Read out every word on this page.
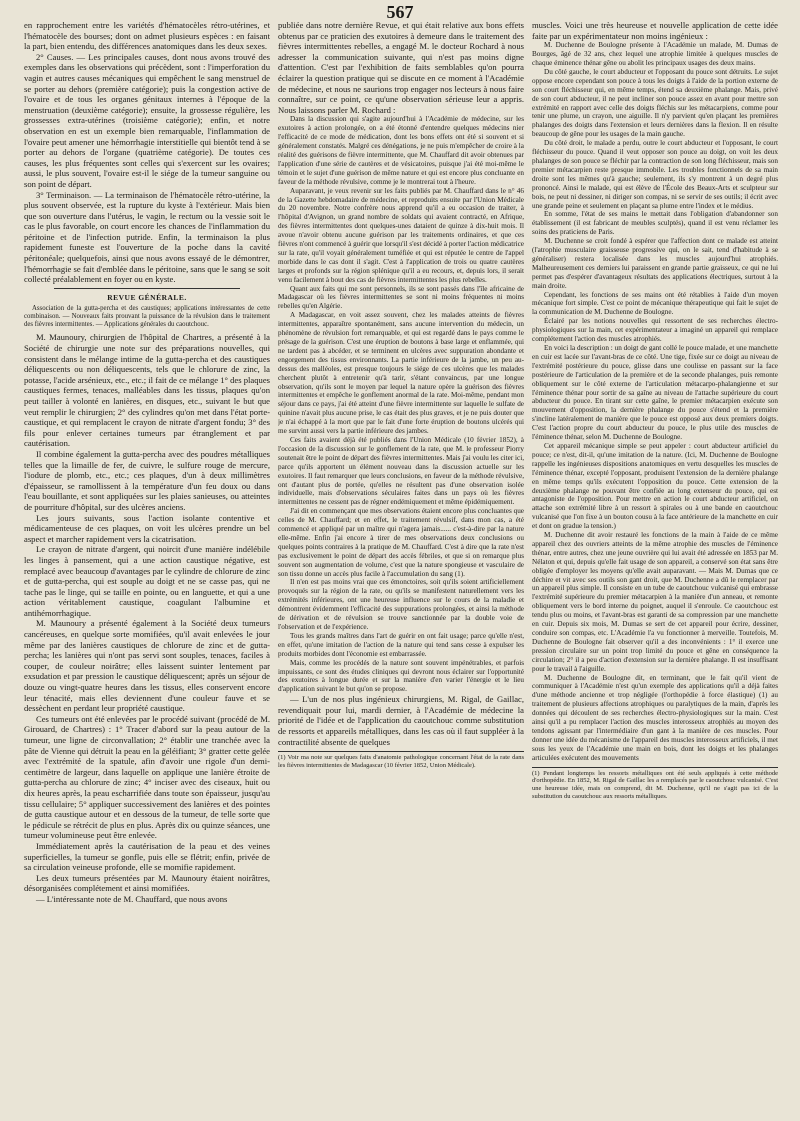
567

en rapprochement entre les variétés d'hématocèles rétro-utérines, et l'hématocèle des bourses; dont on admet plusieurs espèces : en faisant la part, bien entendu, des différences anatomiques dans les deux sexes.

2° Causes. — Les principales causes, dont nous avons trouvé des exemples dans les observations qui précèdent, sont : l'imperforation du vagin et autres causes mécaniques qui empêchent le sang menstruel de se porter au dehors (première catégorie); puis la congestion active de l'ovaire et de tous les organes génitaux internes à l'époque de la menstruation (deuxième catégorie); ensuite, la grossesse régulière, les grossesses extra-utérines (troisième catégorie); enfin, et notre observation en est un exemple bien remarquable, l'inflammation de l'ovaire peut amener une hémorrhagie interstitielle qui bientôt tend à se porter au dehors de l'organe (quatrième catégorie). De toutes ces causes, les plus fréquentes sont celles qui s'exercent sur les ovaires; aussi, le plus souvent, l'ovaire est-il le siége de la tumeur sanguine ou son point de départ.

3° Terminaison. — La terminaison de l'hématocèle rétro-utérine, la plus souvent observée, est la rupture du kyste à l'extérieur. Mais bien que son ouverture dans l'utérus, le vagin, le rectum ou la vessie soit le cas le plus favorable, on court encore les chances de l'inflammation du péritoine et de l'infection putride. Enfin, la terminaison la plus rapidement funeste est l'ouverture de la poche dans la cavité péritonéale; quelquefois, ainsi que nous avons essayé de le démontrer, l'hémorrhagie se fait d'emblée dans le péritoine, sans que le sang se soit collecté préalablement en foyer ou en kyste.

REVUE GÉNÉRALE.
Association de la gutta-percha et des caustiques; applications intéressantes de cette combinaison. — Nouveaux faits prouvant la puissance de la révulsion dans le traitement des fièvres intermittentes. — Applications générales du caoutchouc.

M. Maunoury, chirurgien de l'hôpital de Chartres, a présenté à la Société de chirurgie une note sur des préparations nouvelles, qui consistent dans le mélange intime de la gutta-percha et des caustiques déliquescents ou non déliquescents, tels que le chlorure de zinc, la potasse, l'acide arsénieux, etc., etc.; il fait de ce mélange 1° des plaques caustiques fermes, tenaces, malléables dans les tissus, plaques qu'on peut tailler à volonté en lanières, en disques, etc., suivant le but que veut remplir le chirurgien; 2° des cylindres qu'on met dans l'état porte-caustique, et qui remplacent le crayon de nitrate d'argent fondu; 3° des fils pour enlever certaines tumeurs par étranglement et par cautérisation.

Il combine également la gutta-percha avec des poudres métalliques telles que la limaille de fer, de cuivre, le sulfure rouge de mercure, l'iodure de plomb, etc., etc.; ces plaques, d'un à deux millimètres d'épaisseur, se ramollissent à la température d'un feu doux ou dans l'eau bouillante, et sont appliquées sur les plaies sanieuses, ou atteintes de pourriture d'hôpital, sur des ulcères anciens.

Les jours suivants, sous l'action isolante contentive et médicamenteuse de ces plaques, on voit les ulcères prendre un bel aspect et marcher rapidement vers la cicatrisation.

Le crayon de nitrate d'argent, qui noircit d'une manière indélébile les linges à pansement, qui a une action caustique négative, est remplacé avec beaucoup d'avantages par le cylindre de chlorure de zinc et de gutta-percha, qui est souple au doigt et ne se casse pas, qui ne tache pas le linge, qui se taille en pointe, ou en languette, et qui a une action véritablement caustique, coagulant l'albumine et antihémorrhagique.

M. Maunoury a présenté également à la Société deux tumeurs cancéreuses, en quelque sorte momifiées, qu'il avait enlevées le jour même par des lanières caustiques de chlorure de zinc et de gutta-percha; les lanières qui n'ont pas servi sont souples, tenaces, faciles à couper, de couleur noirâtre; elles laissent suinter lentement par exsudation et par pression le caustique déliquescent; après un séjour de douze ou vingt-quatre heures dans les tissus, elles conservent encore leur ténacité, mais elles deviennent d'une couleur fauve et se dessèchent en perdant leur propriété caustique.

Ces tumeurs ont été enlevées par le procédé suivant (procédé de M. Girouard, de Chartres) : 1° Tracer d'abord sur la peau autour de la tumeur, une ligne de circonvallation; 2° établir une tranchée avec la pâte de Vienne qui détruit la peau en la géléifiant; 3° gratter cette gelée avec l'extrémité de la spatule, afin d'avoir une rigole d'un demi-centimètre de largeur, dans laquelle on applique une lanière étroite de gutta-percha au chlorure de zinc; 4° inciser avec des ciseaux, huit ou dix heures après, la peau escharrifiée dans toute son épaisseur, jusqu'au tissu cellulaire; 5° appliquer successivement des lanières et des pointes de gutta caustique autour et en dessous de la tumeur, de telle sorte que le pédicule se rétrécit de plus en plus. Après dix ou quinze séances, une tumeur volumineuse peut être enlevée.

Immédiatement après la cautérisation de la peau et des veines superficielles, la tumeur se gonfle, puis elle se flétrit; enfin, privée de sa circulation veineuse profonde, elle se momifie rapidement.

Les deux tumeurs présentées par M. Maunoury étaient noirâtres, désorganisées complétement et ainsi momifiées.

— L'intéressante note de M. Chauffard, que nous avons

publiée dans notre dernière Revue, et qui était relative aux bons effets obtenus par ce praticien des exutoires à demeure dans le traitement des fièvres intermittentes rebelles, a engagé M. le docteur Rochard à nous adresser la communication suivante, qui n'est pas moins digne d'attention. C'est par l'exhibition de faits semblables qu'on pourra éclairer la question pratique qui se discute en ce moment à l'Académie de médecine, et nous ne saurions trop engager nos lecteurs à nous faire connaître, sur ce point, ce qu'une observation sérieuse leur a appris. Nous laissons parler M. Rochard :

Dans la discussion qui s'agite aujourd'hui à l'Académie de médecine, sur les exutoires à action prolongée, on a été étonné d'entendre quelques médecins nier l'efficacité de ce mode de médication, dont les bons effets ont été si souvent et si généralement constatés. Malgré ces dénégations, je ne puis m'empêcher de croire à la réalité des guérisons de fièvre intermittente, que M. Chauffard dit avoir obtenues par l'application d'une série de cautères et de vésicatoires, puisque j'ai été moi-même le témoin et le sujet d'une guérison de même nature et qui est encore plus concluante en faveur de la méthode révulsive, comme je le montrerai tout à l'heure.

Auparavant, je veux revenir sur les faits publiés par M. Chauffard dans le n° 46 de la Gazette hebdomadaire de médecine, et reproduits ensuite par l'Union Médicale du 20 novembre. Notre confrère nous apprend qu'il a eu occasion de traiter, à l'hôpital d'Avignon, un grand nombre de soldats qui avaient contracté, en Afrique, des fièvres intermittentes dont quelques-unes dataient de quinze à dix-huit mois. Il avoue n'avoir obtenu aucune guérison par les traitements ordinaires, et que ces fièvres n'ont commencé à guérir que lorsqu'il s'est décidé à porter l'action médicatrice sur la rate, qu'il voyait généralement tuméfiée et qui est réputée le centre de l'appel morbide dans le cas dont il s'agit. C'est à l'application de trois ou quatre cautères larges et profonds sur la région splénique qu'il a eu recours, et, depuis lors, il serait venu facilement à bout des cas de fièvres intermittentes les plus rebelles.

Quant aux faits qui me sont personnels, ils se sont passés dans l'île africaine de Madagascar où les fièvres intermittentes se sont ni moins fréquentes ni moins rebelles qu'en Algérie.

A Madagascar, en voit assez souvent, chez les malades atteints de fièvres intermittentes, apparaître spontanément, sans aucune intervention du médecin, un phénomène de révulsion fort remarquable, et qui est regardé dans le pays comme le présage de la guérison. C'est une éruption de boutons à base large et enflammée, qui ne tardent pas à abcéder, et se terminent en ulcères avec suppuration abondante et engorgement des tissus environnants. La partie inférieure de la jambe, un peu au-dessus des malléoles, est presque toujours le siége de ces ulcères que les malades cherchent plutôt à entretenir qu'à tarir, s'étant convaincus, par une longue observation, qu'ils sont le moyen par lequel la nature opère la guérison des fièvres intermittentes et empêche le gonflement anormal de la rate. Moi-même, pendant mon séjour dans ce pays, j'ai été atteint d'une fièvre intermittente sur laquelle le sulfate de quinine n'avait plus aucune prise, le cas était des plus graves, et je ne puis douter que je n'ai échappé à la mort que par le fait d'une forte éruption de boutons ulcérés qui me survint aussi vers la partie inférieure des jambes.

Ces faits avaient déjà été publiés dans l'Union Médicale (10 février 1852), à l'occasion de la discussion sur le gonflement de la rate, que M. le professeur Piorry soutenait être le point de départ des fièvres intermittentes. Mais j'ai voulu les citer ici, parce qu'ils apportent un élément nouveau dans la discussion actuelle sur les exutoires. Il faut remarquer que leurs conclusions, en faveur de la méthode révulsive, ont d'autant plus de portée, qu'elles ne résultent pas d'une observation isolée individuelle, mais d'observations séculaires faites dans un pays où les fièvres intermittentes ne cessent pas de régner endémiquement et même épidémiquement.

J'ai dit en commençant que mes observations étaient encore plus concluantes que celles de M. Chauffard; et en effet, le traitement révulsif, dans mon cas, a été commencé et appliqué par un maître qui n'agera jamais...... c'est-à-dire par la nature elle-même. Enfin j'ai encore à tirer de mes observations deux conclusions ou quelques points contraires à la pratique de M. Chauffard. C'est à dire que la rate n'est pas exclusivement le point de départ des accès fébriles, et que si on remarque plus souvent son augmentation de volume, c'est que la nature spongieuse et vasculaire de son tissu donne un accès plus facile à l'accumulation du sang (1).

Il n'en est pas moins vrai que ces émonctoires, soit qu'ils soient artificiellement provoqués sur la région de la rate, ou qu'ils se manifestent naturellement vers les extrémités inférieures, ont une heureuse influence sur le cours de la maladie et démontrent évidemment l'efficacité des suppurations prolongées, et ainsi la méthode de dérivation et de révulsion se trouve sanctionnée par la double voie de l'observation et de l'expérience.

Tous les grands maîtres dans l'art de guérir en ont fait usage; parce qu'elle n'est, en effet, qu'une imitation de l'action de la nature qui tend sans cesse à expulser les produits morbides dont l'économie est embarrassée.

Mais, comme les procédés de la nature sont souvent impénétrables, et parfois impuissants, ce sont des études cliniques qui devront nous éclairer sur l'opportunité des exutoires à longue durée et sur la manière d'en varier l'énergie et le lieu d'application suivant le but qu'on se propose.

— L'un de nos plus ingénieux chirurgiens, M. Rigal, de Gaillac, revendiquait pour lui, mardi dernier, à l'Académie de médecine la priorité de l'idée et de l'application du caoutchouc comme substitution de ressorts et appareils métalliques, dans les cas où il faut suppléer à la contractilité absente de quelques

(1) Voir ma note sur quelques faits d'anatomie pathologique concernant l'état de la rate dans les fièvres intermittentes de Madagascar (10 février 1852, Union Médicale).

muscles. Voici une très heureuse et nouvelle application de cette idée faite par un expérimentateur non moins ingénieux :

M. Duchenne de Boulogne présente à l'Académie un malade, M. Dumas de Bourges, âgé de 32 ans, chez lequel une atrophie limitée à quelques muscles de chaque éminence thénar gêne ou abolit les principaux usages des deux mains.

Du côté gauche, le court abducteur et l'opposant du pouce sont détruits. Le sujet oppose encore cependant son pouce à tous les doigts à l'aide de la portion externe de son court fléchisseur qui, en même temps, étend sa deuxième phalange. Mais, privé de son court abducteur, il ne peut incliner son pouce assez en avant pour mettre son extrémité en rapport avec celle des doigts fléchis sur les métacarpiens, comme pour tenir une plume, un crayon, une aiguille. Il n'y parvient qu'en plaçant les premières phalanges des doigts dans l'extension et leurs dernières dans la flexion. Il en résulte beaucoup de gêne pour les usages de la main gauche.

Du côté droit, le malade a perdu, outre le court abducteur et l'opposant, le court fléchisseur du pouce. Quand il veut opposer son pouce au doigt, on voit les deux phalanges de son pouce se fléchir par la contraction de son long fléchisseur, mais son premier métacarpien reste presque immobile. Les troubles fonctionnels de sa main droite sont les mêmes qu'à gauche; seulement, ils s'y montrent à un degré plus prononcé. Ainsi le malade, qui est élève de l'École des Beaux-Arts et sculpteur sur bois, ne peut ni dessiner, ni diriger son compas, ni se servir de ses outils; il écrit avec une grande peine et seulement en plaçant sa plume entre l'index et le médius.

En somme, l'état de ses mains le mettait dans l'obligation d'abandonner son établissement (il est fabricant de meubles sculptés), quand il est venu réclamer les soins des praticiens de Paris.

M. Duchenne se croit fondé à espérer que l'affection dont ce malade est atteint (l'atrophie musculaire graisseuse progressive qui, on le sait, tend d'habitude à se généraliser) restera localisée dans les muscles aujourd'hui atrophiés. Malheureusement ces derniers lui paraissent en grande partie graisseux, ce qui ne lui permet pas d'espérer d'avantageux résultats des applications électriques, surtout à la main droite.

Cependant, les fonctions de ses mains ont été rétablies à l'aide d'un moyen mécanique fort simple. C'est ce point de mécanique thérapeutique qui fait le sujet de la communication de M. Duchenne de Boulogne.

Éclairé par les notions nouvelles qui ressortent de ses recherches électro-physiologiques sur la main, cet expérimentateur a imaginé un appareil qui remplace complétement l'action des muscles atrophiés.

En voici la description : un doigt de gant collé le pouce malade, et une manchette en cuir est lacée sur l'avant-bras de ce côté. Une tige, fixée sur ce doigt au niveau de l'extrémité postérieure du pouce, glisse dans une coulisse en passant sur la face postérieure de l'articulation de la première et de la seconde phalanges, puis remonte obliquement sur le côté externe de l'articulation métacarpo-phalangienne et sur l'éminence thénar pour sortir de sa gaîne au niveau de l'attache supérieure du court abducteur du pouce. En tirant sur cette gaîne, le premier métacarpien exécute son mouvement d'opposition, la dernière phalange du pouce s'étend et la première s'incline latéralement de manière que le pouce est opposé aux deux premiers doigts. C'est l'action propre du court abducteur du pouce, le plus utile des muscles de l'éminence thénar, selon M. Duchenne de Boulogne.

Cet appareil mécanique simple se peut appeler : court abducteur artificiel du pouce; ce n'est, dit-il, qu'une imitation de la nature. (Ici, M. Duchenne de Boulogne rappelle les ingénieuses dispositions anatomiques en vertu desquelles les muscles de l'éminence thénar, excepté l'opposant, produisent l'extension de la dernière phalange en même temps qu'ils exécutent l'opposition du pouce. Cette extension de la deuxième phalange ne pouvant être confiée au long extenseur du pouce, qui est antagoniste de l'opposition. Pour mettre en action le court abducteur artificiel, on attache son extrémité libre à un ressort à spirales ou à une bande en caoutchouc vulcanisé que l'on fixe à un bouton cousu à la face antérieure de la manchette en cuir et dont on gradue la tension.)

M. Duchenne dit avoir restauré les fonctions de la main à l'aide de ce même appareil chez des ouvriers atteints de la même atrophie des muscles de l'éminence thénar, entre autres, chez une jeune ouvrière qui lui avait été adressée en 1853 par M. Nélaton et qui, depuis qu'elle fait usage de son appareil, a conservé son état sans être obligée d'employer les moyens qu'elle avait auparavant. — Mais M. Dumas que ce déchire et vit avec ses outils son gant droit, que M. Duchenne a dû le remplacer par un appareil plus simple. Il consiste en un tube de caoutchouc vulcanisé qui embrasse l'extrémité supérieure du premier métacarpien à la manière d'un anneau, et remonte obliquement vers le bord interne du poignet, auquel il s'enroule. Ce caoutchouc est tendu plus ou moins, et l'avant-bras est garanti de sa compression par une manchette en cuir. Depuis six mois, M. Dumas se sert de cet appareil pour écrire, dessiner, conduire son compas, etc. L'Académie l'a vu fonctionner à merveille. Toutefois, M. Duchenne de Boulogne fait observer qu'il a des inconvénients : 1° il exerce une pression circulaire sur un point trop limité du pouce et gêne en conséquence la circulation; 2° il a peu d'action d'extension sur la dernière phalange. Il est insuffisant pour le travail à l'aiguille.

M. Duchenne de Boulogne dit, en terminant, que le fait qu'il vient de communiquer à l'Académie n'est qu'un exemple des applications qu'il a déjà faites d'une méthode ancienne et trop négligée (l'orthopédie à force élastique) (1) au traitement de plusieurs affections atrophiques ou paralytiques de la main, d'après les données qui découlent de ses recherches électro-physiologiques sur la main. C'est ainsi qu'il a pu remplacer l'action des muscles interosseux atrophiés au moyen des tendons agissant par l'intermédiaire d'un gant à la manière de ces muscles. Pour donner une idée du mécanisme de l'appareil des muscles interosseux artificiels, il met sous les yeux de l'Académie une main en bois, dont les doigts et les phalanges articulées exécutent des mouvements

(1) Pendant longtemps les ressorts métalliques ont été seuls appliqués à cette méthode d'orthopédie. En 1852, M. Rigal de Gaillac les a remplacés par le caoutchouc vulcanisé. C'est une heureuse idée, mais on comprend, dit M. Duchenne, qu'il ne s'agit pas ici de la substitution du caoutchouc aux ressorts métalliques.
